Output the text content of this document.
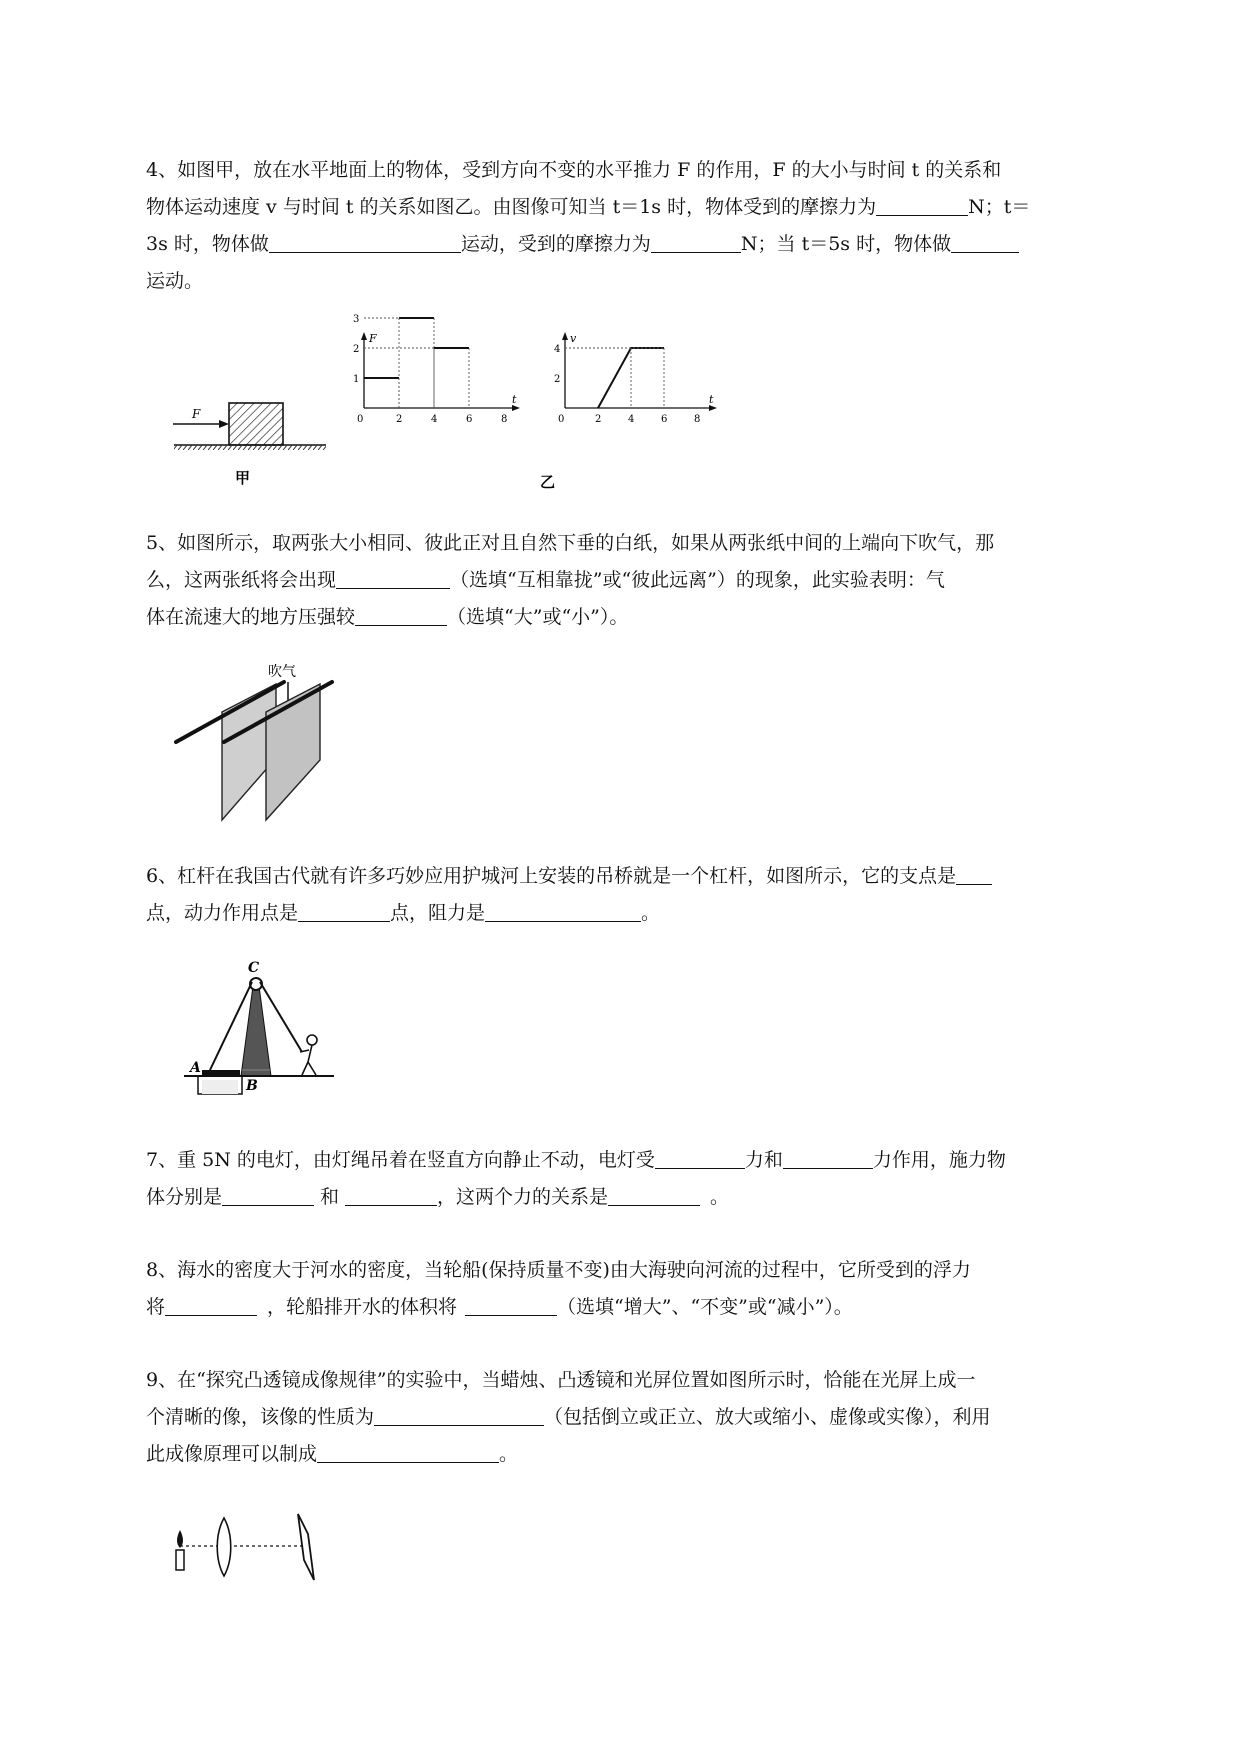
4、如图甲，放在水平地面上的物体，受到方向不变的水平推力 F 的作用，F 的大小与时间 t 的关系和
物体运动速度 v 与时间 t 的关系如图乙。由图像可知当 t＝1s 时，物体受到的摩擦力为	N；t＝
3s 时，物体做	运动，受到的摩擦力为	N；当 t＝5s 时，物体做
运动。
F
甲
F
t
0	2	4	6	8
1
2
3
v
t
0	2	4	6	8
2
4
乙
5、如图所示，取两张大小相同、彼此正对且自然下垂的白纸，如果从两张纸中间的上端向下吹气，那
么，这两张纸将会出现	（选填“互相靠拢”或“彼此远离”）的现象，此实验表明：气
体在流速大的地方压强较	（选填“大”或“小”）。
吹气
6、杠杆在我国古代就有许多巧妙应用护城河上安装的吊桥就是一个杠杆，如图所示，它的支点是
点，动力作用点是	点，阻力是	。
A
B
C
7、重 5N 的电灯，由灯绳吊着在竖直方向静止不动，电灯受	力和	力作用，施力物
体分别是	和	，这两个力的关系是	。
8、海水的密度大于河水的密度，当轮船(保持质量不变)由大海驶向河流的过程中，它所受到的浮力
将	，轮船排开水的体积将	（选填“增大”、“不变”或“减小”）。
9、在“探究凸透镜成像规律”的实验中，当蜡烛、凸透镜和光屏位置如图所示时，恰能在光屏上成一
个清晰的像，该像的性质为	（包括倒立或正立、放大或缩小、虚像或实像），利用
此成像原理可以制成	。
